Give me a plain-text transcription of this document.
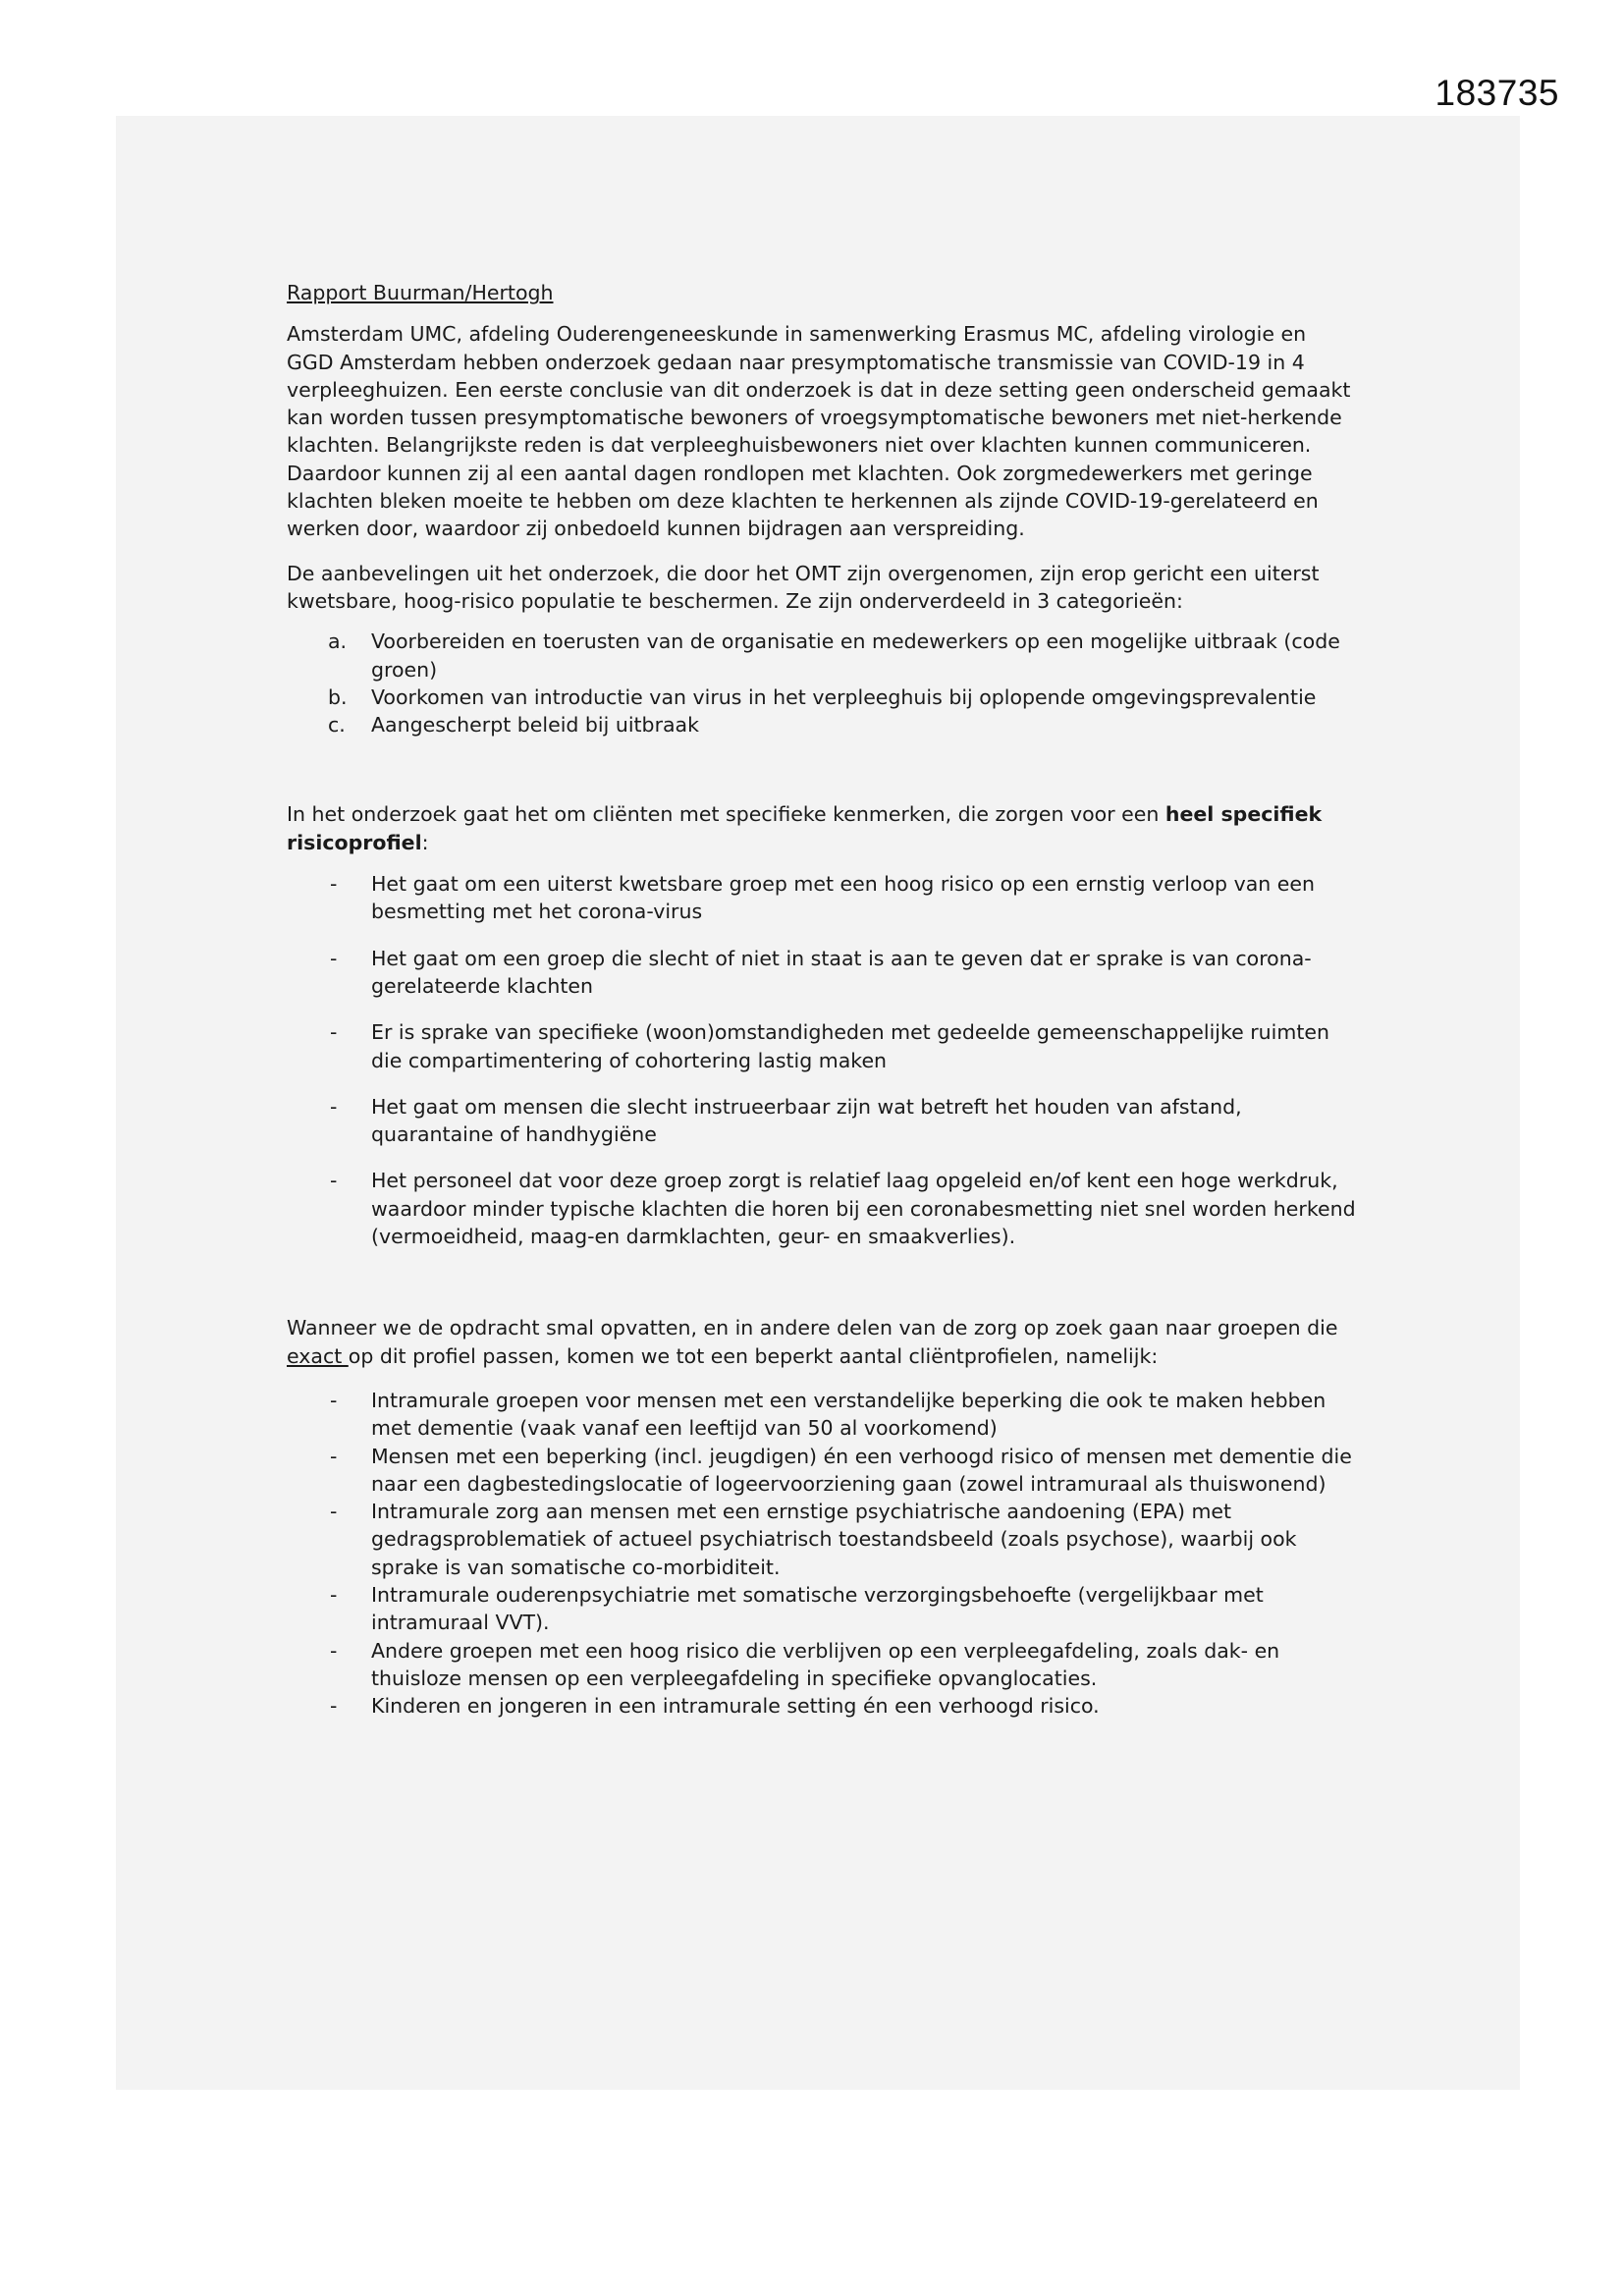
183735

Rapport Buurman/Hertogh

Amsterdam UMC, afdeling Ouderengeneeskunde in samenwerking Erasmus MC, afdeling virologie en GGD Amsterdam hebben onderzoek gedaan naar presymptomatische transmissie van COVID-19 in 4 verpleeghuizen. Een eerste conclusie van dit onderzoek is dat in deze setting geen onderscheid gemaakt kan worden tussen presymptomatische bewoners of vroegsymptomatische bewoners met niet-herkende klachten. Belangrijkste reden is dat verpleeghuisbewoners niet over klachten kunnen communiceren. Daardoor kunnen zij al een aantal dagen rondlopen met klachten. Ook zorgmedewerkers met geringe klachten bleken moeite te hebben om deze klachten te herkennen als zijnde COVID-19-gerelateerd en werken door, waardoor zij onbedoeld kunnen bijdragen aan verspreiding.

De aanbevelingen uit het onderzoek, die door het OMT zijn overgenomen, zijn erop gericht een uiterst kwetsbare, hoog-risico populatie te beschermen. Ze zijn onderverdeeld in 3 categorieën:

a. Voorbereiden en toerusten van de organisatie en medewerkers op een mogelijke uitbraak (code groen)
b. Voorkomen van introductie van virus in het verpleeghuis bij oplopende omgevingsprevalentie
c. Aangescherpt beleid bij uitbraak

In het onderzoek gaat het om cliënten met specifieke kenmerken, die zorgen voor een heel specifiek risicoprofiel:

- Het gaat om een uiterst kwetsbare groep met een hoog risico op een ernstig verloop van een besmetting met het corona-virus
- Het gaat om een groep die slecht of niet in staat is aan te geven dat er sprake is van corona-gerelateerde klachten
- Er is sprake van specifieke (woon)omstandigheden met gedeelde gemeenschappelijke ruimten die compartimentering of cohortering lastig maken
- Het gaat om mensen die slecht instrueerbaar zijn wat betreft het houden van afstand, quarantaine of handhygiëne
- Het personeel dat voor deze groep zorgt is relatief laag opgeleid en/of kent een hoge werkdruk, waardoor minder typische klachten die horen bij een coronabesmetting niet snel worden herkend (vermoeidheid, maag-en darmklachten, geur- en smaakverlies).

Wanneer we de opdracht smal opvatten, en in andere delen van de zorg op zoek gaan naar groepen die exact op dit profiel passen, komen we tot een beperkt aantal cliëntprofielen, namelijk:

- Intramurale groepen voor mensen met een verstandelijke beperking die ook te maken hebben met dementie (vaak vanaf een leeftijd van 50 al voorkomend)
- Mensen met een beperking (incl. jeugdigen) én een verhoogd risico of mensen met dementie die naar een dagbestedingslocatie of logeervoorziening gaan (zowel intramuraal als thuiswonend)
- Intramurale zorg aan mensen met een ernstige psychiatrische aandoening (EPA) met gedragsproblematiek of actueel psychiatrisch toestandsbeeld (zoals psychose), waarbij ook sprake is van somatische co-morbiditeit.
- Intramurale ouderenpsychiatrie met somatische verzorgingsbehoefte (vergelijkbaar met intramuraal VVT).
- Andere groepen met een hoog risico die verblijven op een verpleegafdeling, zoals dak- en thuisloze mensen op een verpleegafdeling in specifieke opvanglocaties.
- Kinderen en jongeren in een intramurale setting én een verhoogd risico.
